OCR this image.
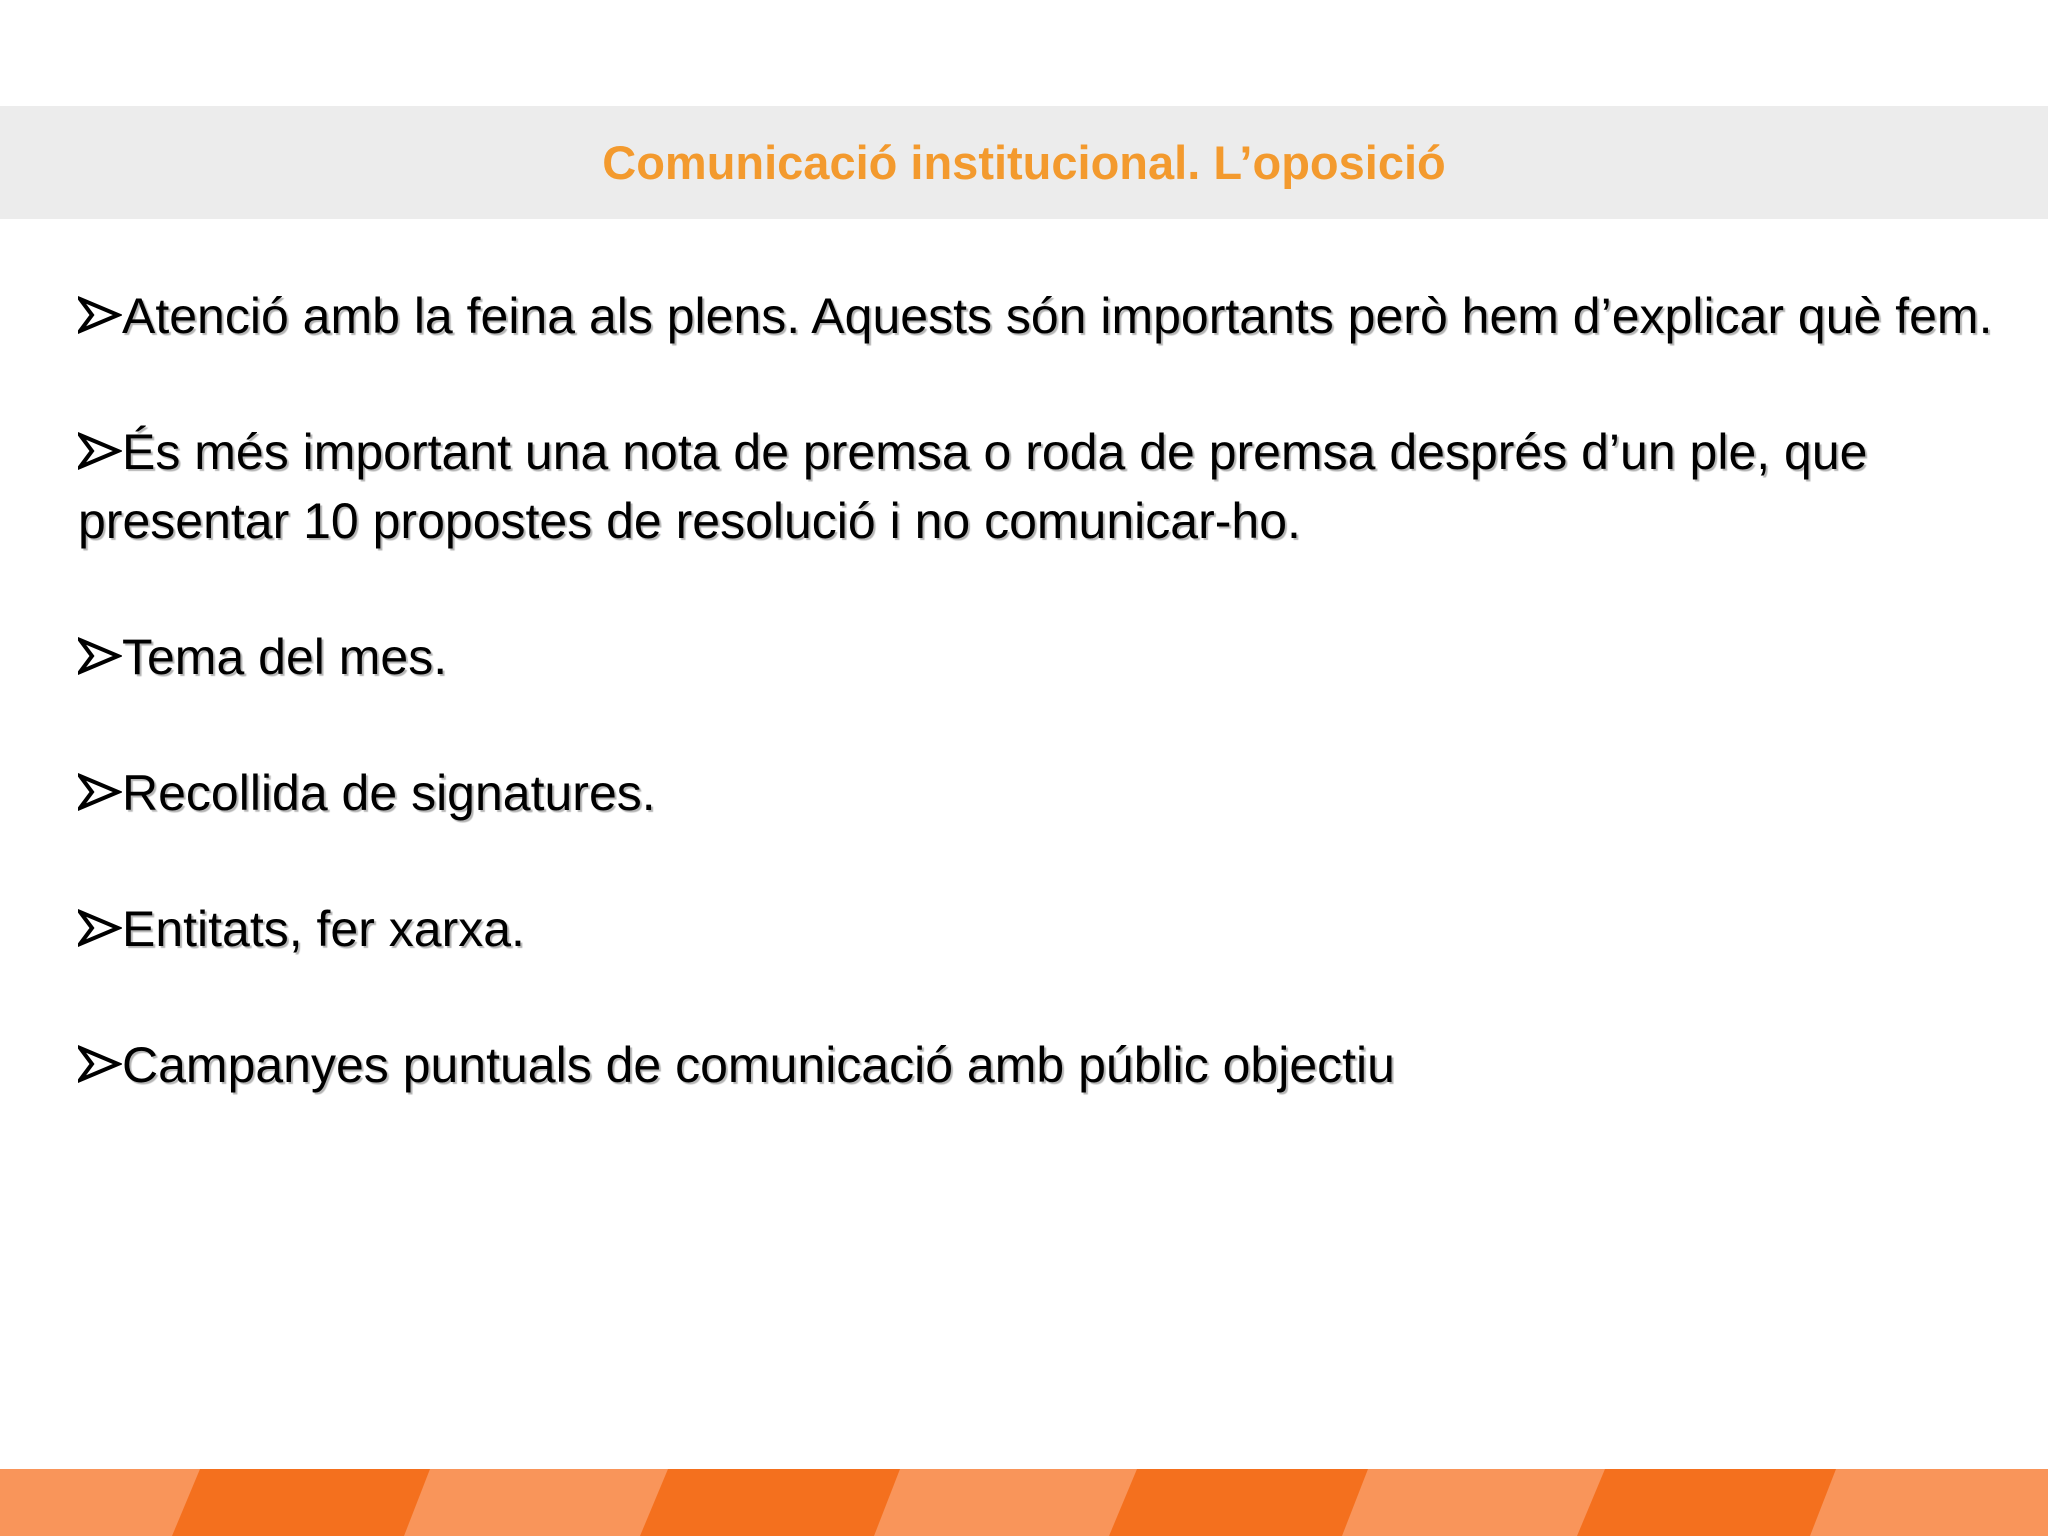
Comunicació institucional. L’oposició
Atenció amb la feina als plens. Aquests són importants però hem d’explicar què fem.
És més important una nota de premsa o roda de premsa després d’un ple, que presentar 10 propostes de resolució i no comunicar-ho.
Tema del mes.
Recollida de signatures.
Entitats, fer xarxa.
Campanyes puntuals de comunicació amb públic objectiu
